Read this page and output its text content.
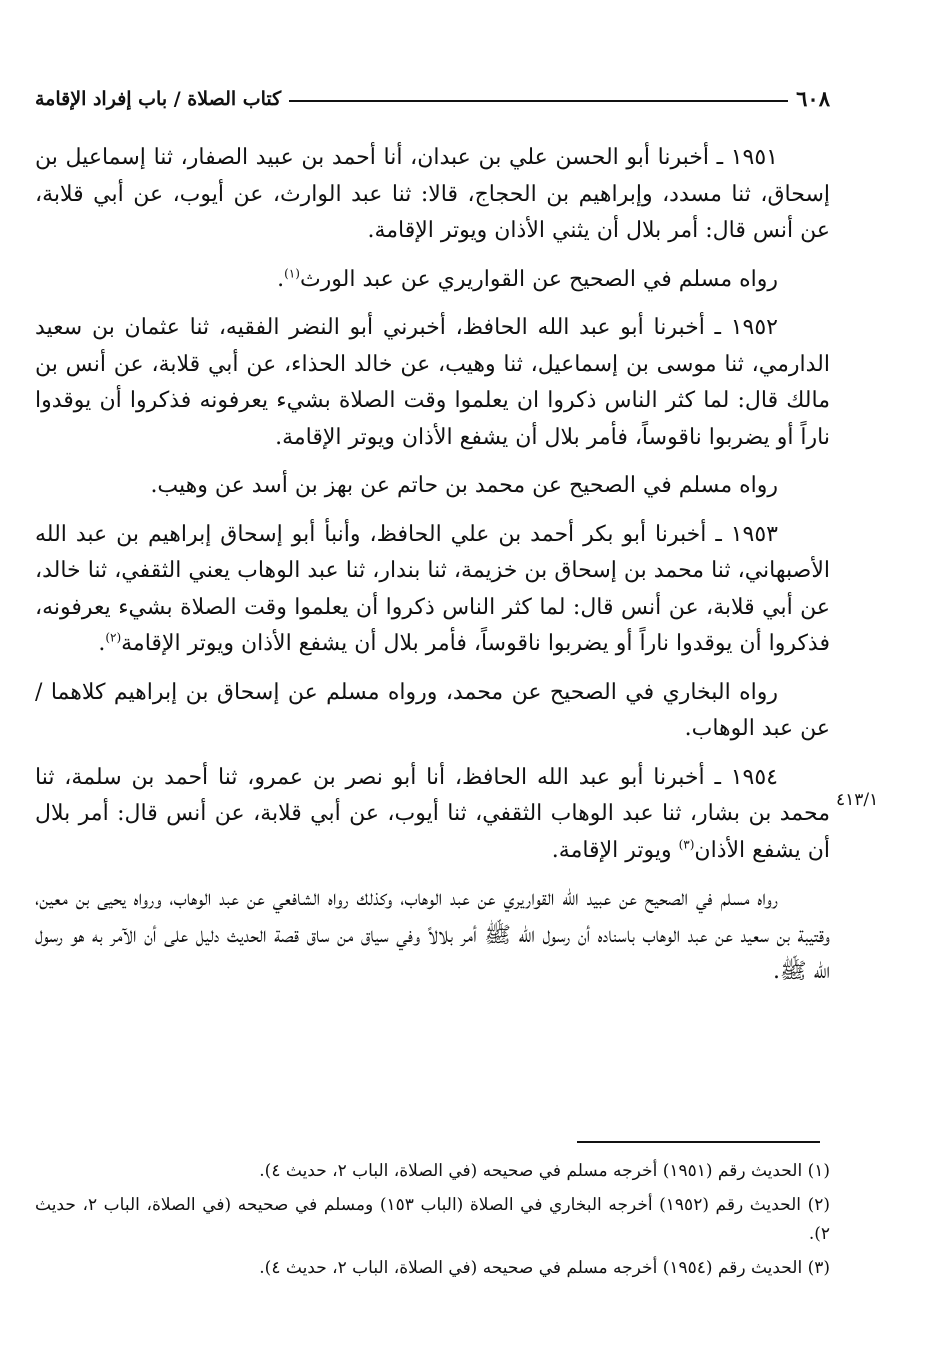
٦٠٨
كتاب الصلاة / باب إفراد الإقامة

١٩٥١ ـ أخبرنا أبو الحسن علي بن عبدان، أنا أحمد بن عبيد الصفار، ثنا إسماعيل بن إسحاق، ثنا مسدد، وإبراهيم بن الحجاج، قالا: ثنا عبد الوارث، عن أيوب، عن أبي قلابة، عن أنس قال: أمر بلال أن يثني الأذان ويوتر الإقامة.

رواه مسلم في الصحيح عن القواريري عن عبد الورث$^{(١)}$.

١٩٥٢ ـ أخبرنا أبو عبد الله الحافظ، أخبرني أبو النضر الفقيه، ثنا عثمان بن سعيد الدارمي، ثنا موسى بن إسماعيل، ثنا وهيب، عن خالد الحذاء، عن أبي قلابة، عن أنس بن مالك قال: لما كثر الناس ذكروا ان يعلموا وقت الصلاة بشيء يعرفونه فذكروا أن يوقدوا ناراً أو يضربوا ناقوساً، فأمر بلال أن يشفع الأذان ويوتر الإقامة.

رواه مسلم في الصحيح عن محمد بن حاتم عن بهز بن أسد عن وهيب.

١٩٥٣ ـ أخبرنا أبو بكر أحمد بن علي الحافظ، وأنبأ أبو إسحاق إبراهيم بن عبد الله الأصبهاني، ثنا محمد بن إسحاق بن خزيمة، ثنا بندار، ثنا عبد الوهاب يعني الثقفي، ثنا خالد، عن أبي قلابة، عن أنس قال: لما كثر الناس ذكروا أن يعلموا وقت الصلاة بشيء يعرفونه، فذكروا أن يوقدوا ناراً أو يضربوا ناقوساً، فأمر بلال أن يشفع الأذان ويوتر الإقامة$^{(٢)}$.

رواه البخاري في الصحيح عن محمد، ورواه مسلم عن إسحاق بن إبراهيم كلاهما / عن عبد الوهاب.

١٩٥٤ ـ أخبرنا أبو عبد الله الحافظ، أنا أبو نصر بن عمرو، ثنا أحمد بن سلمة، ثنا محمد بن بشار، ثنا عبد الوهاب الثقفي، ثنا أيوب، عن أبي قلابة، عن أنس قال: أمر بلال أن يشفع الأذان$^{(٣)}$ ويوتر الإقامة.

رواه مسلم في الصحيح عن عبيد الله القواريري عن عبد الوهاب، وكذلك رواه الشافعي عن عبد الوهاب، ورواه يحيى بن معين، وقتيبة بن سعيد عن عبد الوهاب باسناده أن رسول الله ﷺ أمر بلالاً وفي سياق من ساق قصة الحديث دليل على أن الآمر به هو رسول الله ﷺ.

٤١٣/١

(١) الحديث رقم (١٩٥١) أخرجه مسلم في صحيحه (في الصلاة، الباب ٢، حديث ٤).

(٢) الحديث رقم (١٩٥٢) أخرجه البخاري في الصلاة (الباب ١٥٣) ومسلم في صحيحه (في الصلاة، الباب ٢، حديث ٢).

(٣) الحديث رقم (١٩٥٤) أخرجه مسلم في صحيحه (في الصلاة، الباب ٢، حديث ٤).
